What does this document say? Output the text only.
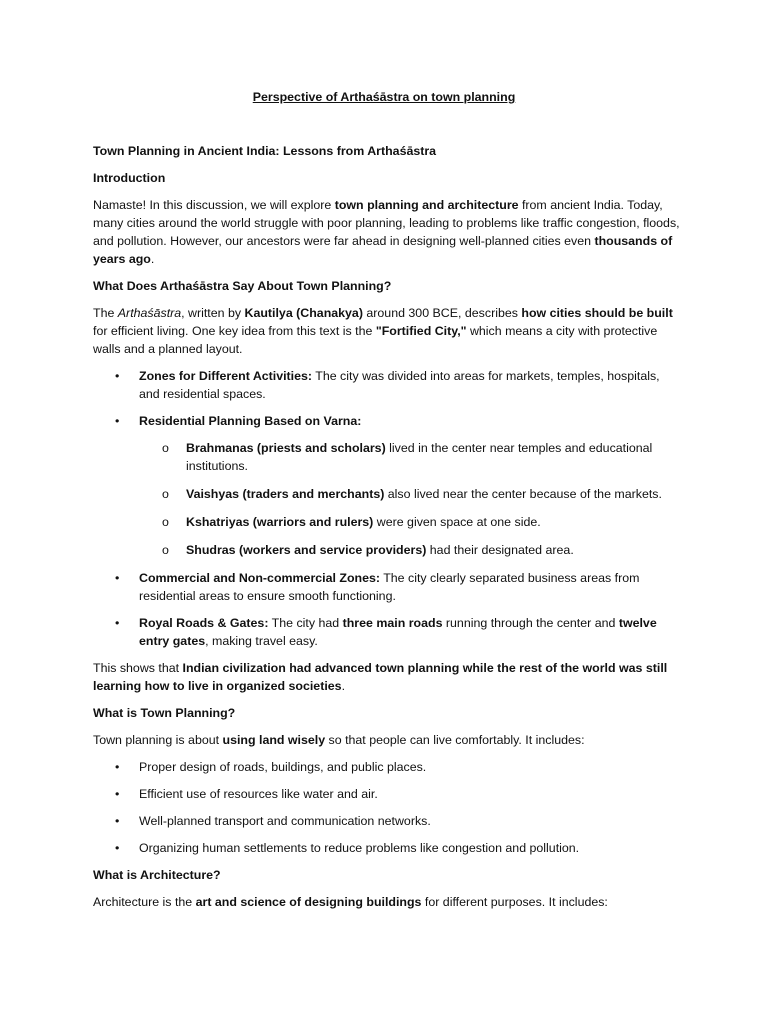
Perspective of Arthaśāstra on town planning

Town Planning in Ancient India: Lessons from Arthaśāstra

Introduction

Namaste! In this discussion, we will explore town planning and architecture from ancient India. Today, many cities around the world struggle with poor planning, leading to problems like traffic congestion, floods, and pollution. However, our ancestors were far ahead in designing well-planned cities even thousands of years ago.

What Does Arthaśāstra Say About Town Planning?

The Arthaśāstra, written by Kautilya (Chanakya) around 300 BCE, describes how cities should be built for efficient living. One key idea from this text is the "Fortified City," which means a city with protective walls and a planned layout.

• Zones for Different Activities: The city was divided into areas for markets, temples, hospitals, and residential spaces.
• Residential Planning Based on Varna:
o Brahmanas (priests and scholars) lived in the center near temples and educational institutions.
o Vaishyas (traders and merchants) also lived near the center because of the markets.
o Kshatriyas (warriors and rulers) were given space at one side.
o Shudras (workers and service providers) had their designated area.
• Commercial and Non-commercial Zones: The city clearly separated business areas from residential areas to ensure smooth functioning.
• Royal Roads & Gates: The city had three main roads running through the center and twelve entry gates, making travel easy.

This shows that Indian civilization had advanced town planning while the rest of the world was still learning how to live in organized societies.

What is Town Planning?

Town planning is about using land wisely so that people can live comfortably. It includes:

• Proper design of roads, buildings, and public places.
• Efficient use of resources like water and air.
• Well-planned transport and communication networks.
• Organizing human settlements to reduce problems like congestion and pollution.

What is Architecture?

Architecture is the art and science of designing buildings for different purposes. It includes:
